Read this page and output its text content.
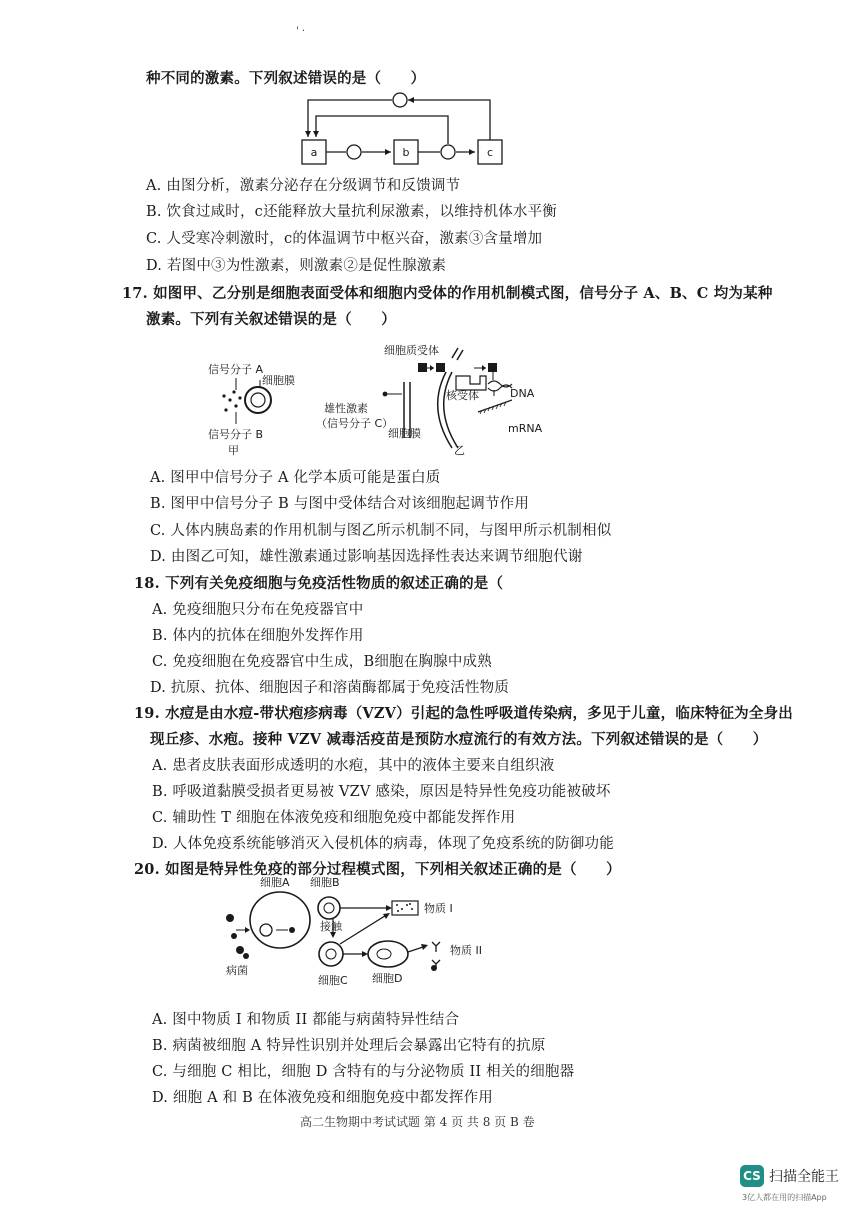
' ·
种不同的激素。下列叙述错误的是（　　）
a	b	c
A. 由图分析，激素分泌存在分级调节和反馈调节
B. 饮食过咸时，c还能释放大量抗利尿激素，以维持机体水平衡
C. 人受寒冷刺激时，c的体温调节中枢兴奋，激素③含量增加
D. 若图中③为性激素，则激素②是促性腺激素
17. 如图甲、乙分别是细胞表面受体和细胞内受体的作用机制模式图，信号分子 A、B、C 均为某种
激素。下列有关叙述错误的是（　　）
信号分子 A
细胞膜
信号分子 B
甲
细胞质受体
雄性激素
（信号分子 C）
细胞膜
核受体	DNA
mRNA
乙
A. 图甲中信号分子 A 化学本质可能是蛋白质
B. 图甲中信号分子 B 与图中受体结合对该细胞起调节作用
C. 人体内胰岛素的作用机制与图乙所示机制不同，与图甲所示机制相似
D. 由图乙可知，雄性激素通过影响基因选择性表达来调节细胞代谢
18. 下列有关免疫细胞与免疫活性物质的叙述正确的是（
A. 免疫细胞只分布在免疫器官中
B. 体内的抗体在细胞外发挥作用
C. 免疫细胞在免疫器官中生成，B细胞在胸腺中成熟
D. 抗原、抗体、细胞因子和溶菌酶都属于免疫活性物质
19. 水痘是由水痘-带状疱疹病毒（VZV）引起的急性呼吸道传染病，多见于儿童，临床特征为全身出
现丘疹、水疱。接种 VZV 减毒活疫苗是预防水痘流行的有效方法。下列叙述错误的是（　　）
A. 患者皮肤表面形成透明的水疱，其中的液体主要来自组织液
B. 呼吸道黏膜受损者更易被 VZV 感染，原因是特异性免疫功能被破坏
C. 辅助性 T 细胞在体液免疫和细胞免疫中都能发挥作用
D. 人体免疫系统能够消灭入侵机体的病毒，体现了免疫系统的防御功能
20. 如图是特异性免疫的部分过程模式图，下列相关叙述正确的是（　　）
细胞A 细胞B
物质 I
接触
物质 II
病菌
细胞C 细胞D
A. 图中物质 I 和物质 II 都能与病菌特异性结合
B. 病菌被细胞 A 特异性识别并处理后会暴露出它特有的抗原
C. 与细胞 C 相比，细胞 D 含特有的与分泌物质 II 相关的细胞器
D. 细胞 A 和 B 在体液免疫和细胞免疫中都发挥作用
高二生物期中考试试题 第 4 页 共 8 页 B 卷
CS 扫描全能王
3亿人都在用的扫描App
